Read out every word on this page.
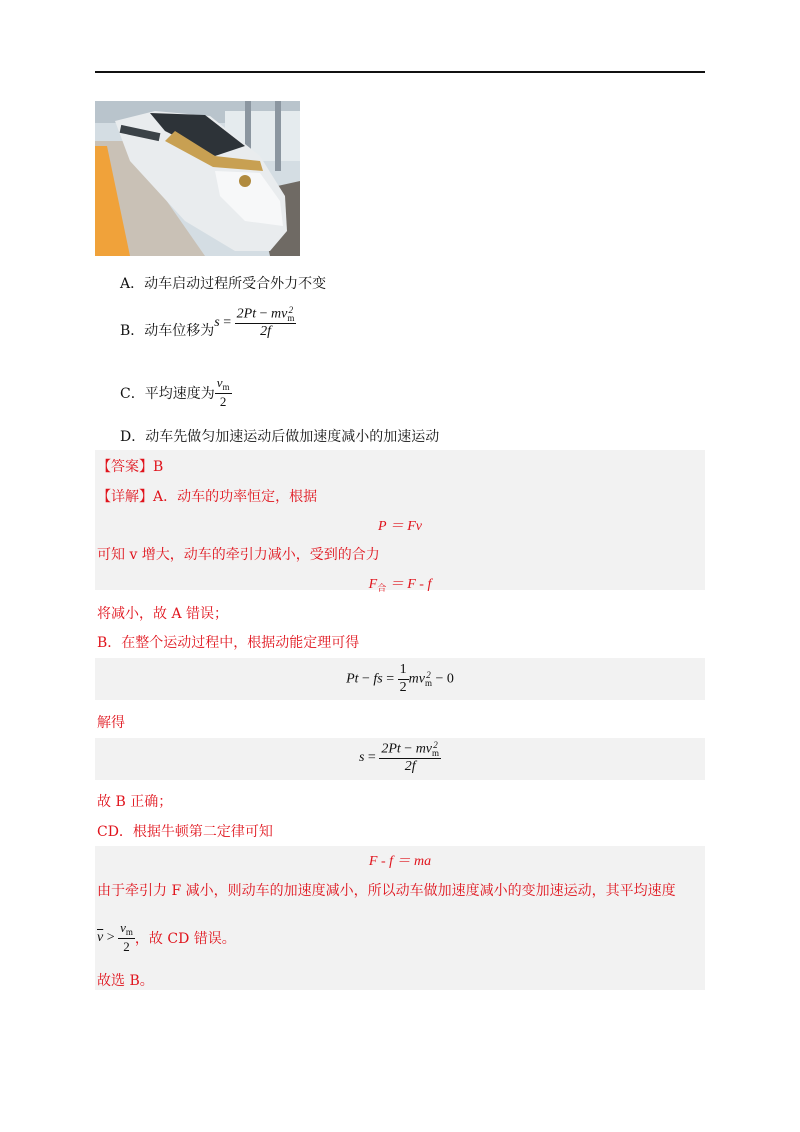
A．动车启动过程所受合外力不变
B．动车位移为s = 2Pt − mv 2
m
2f
C．平均速度为 $\frac{v_m}{2}$
D．动车先做匀加速运动后做加速度减小的加速运动
【答案】B
【详解】A．动车的功率恒定，根据
P ＝ Fv
可知 v 增大，动车的牵引力减小，受到的合力
$F_合 = F - f$
将减小，故 A 错误；
B．在整个运动过程中，根据动能定理可得
Pt − fs = $\frac{1}{2}$ mv 2
m − 0
解得
s = 2Pt − mv 2
m
2f
故 B 正确；
CD．根据牛顿第二定律可知
F - f ＝ ma
由于牵引力 F 减小，则动车的加速度减小，所以动车做加速度减小的变加速运动，其平均速度
$\overline{v} > \frac{v_m}{2}$ ，故 CD 错误。
故选 B。
